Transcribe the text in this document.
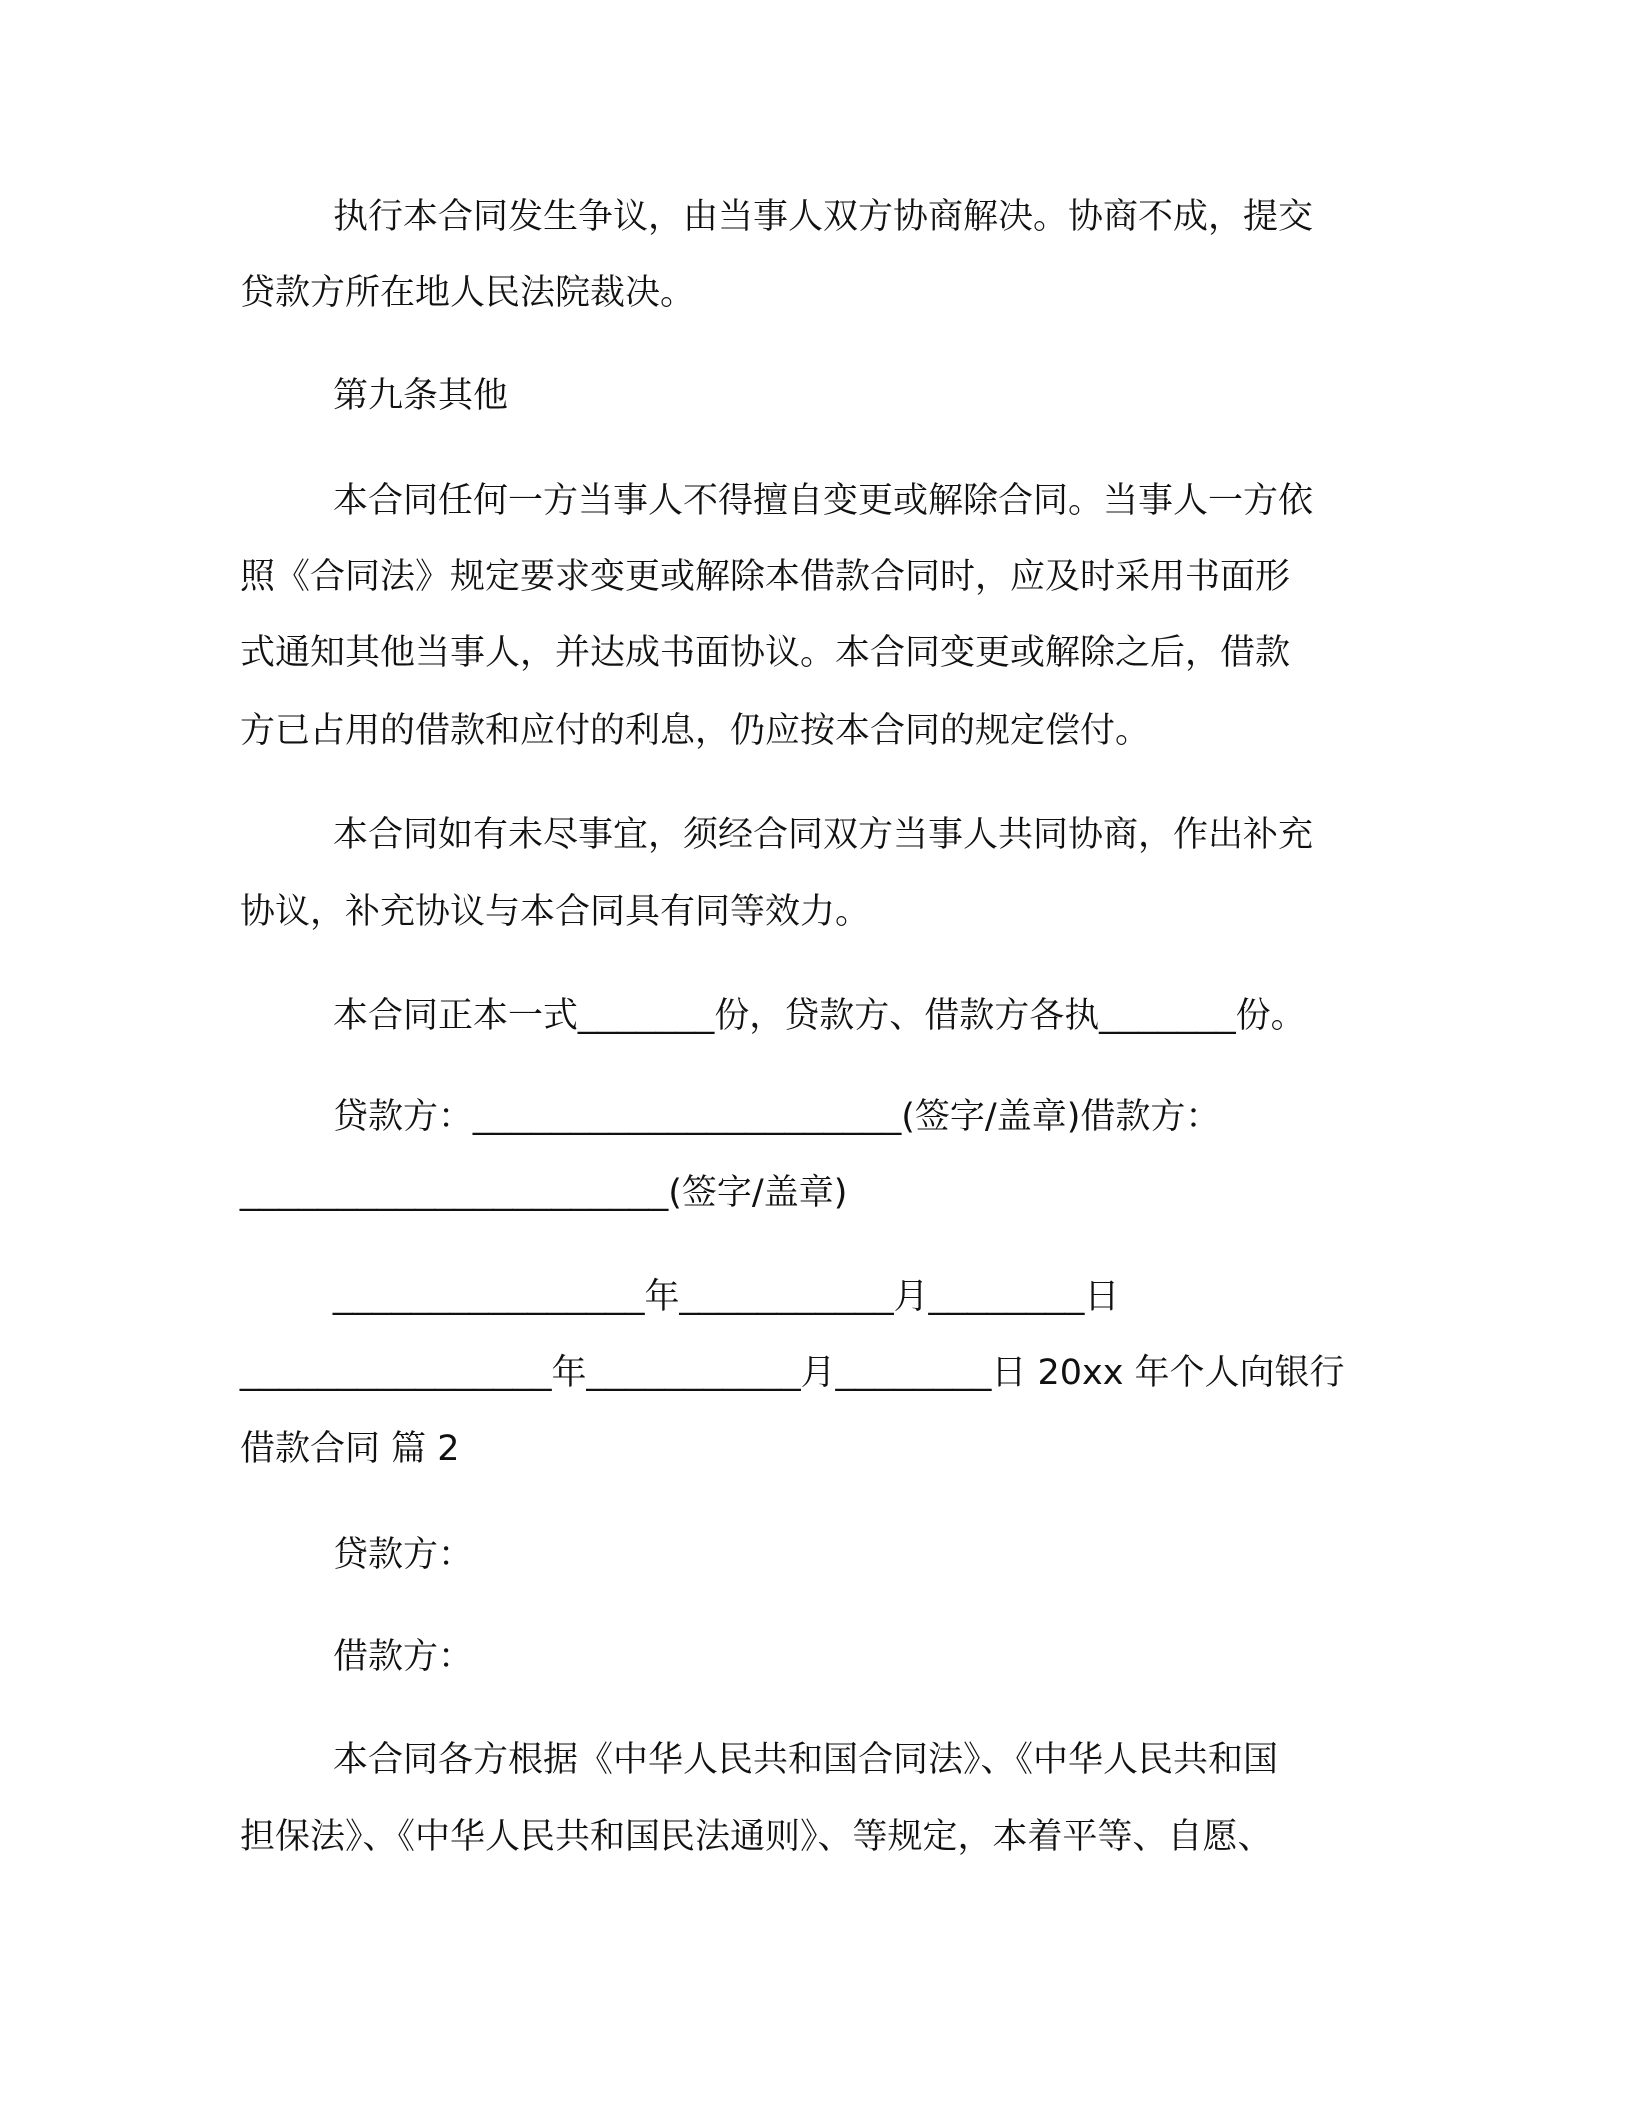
执行本合同发生争议，由当事人双方协商解决。协商不成，提交
贷款方所在地人民法院裁决。
第九条其他
本合同任何一方当事人不得擅自变更或解除合同。当事人一方依
照《合同法》规定要求变更或解除本借款合同时，应及时采用书面形
式通知其他当事人，并达成书面协议。本合同变更或解除之后，借款
方已占用的借款和应付的利息，仍应按本合同的规定偿付。
本合同如有未尽事宜，须经合同双方当事人共同协商，作出补充
协议，补充协议与本合同具有同等效力。
本合同正本一式_______份，贷款方、借款方各执_______份。
贷款方：______________________(签字/盖章)借款方：
______________________(签字/盖章)
________________年___________月________日
________________年___________月________日 20xx 年个人向银行
借款合同 篇 2
贷款方：
借款方：
本合同各方根据《中华人民共和国合同法》、《中华人民共和国
担保法》、《中华人民共和国民法通则》、等规定，本着平等、自愿、
